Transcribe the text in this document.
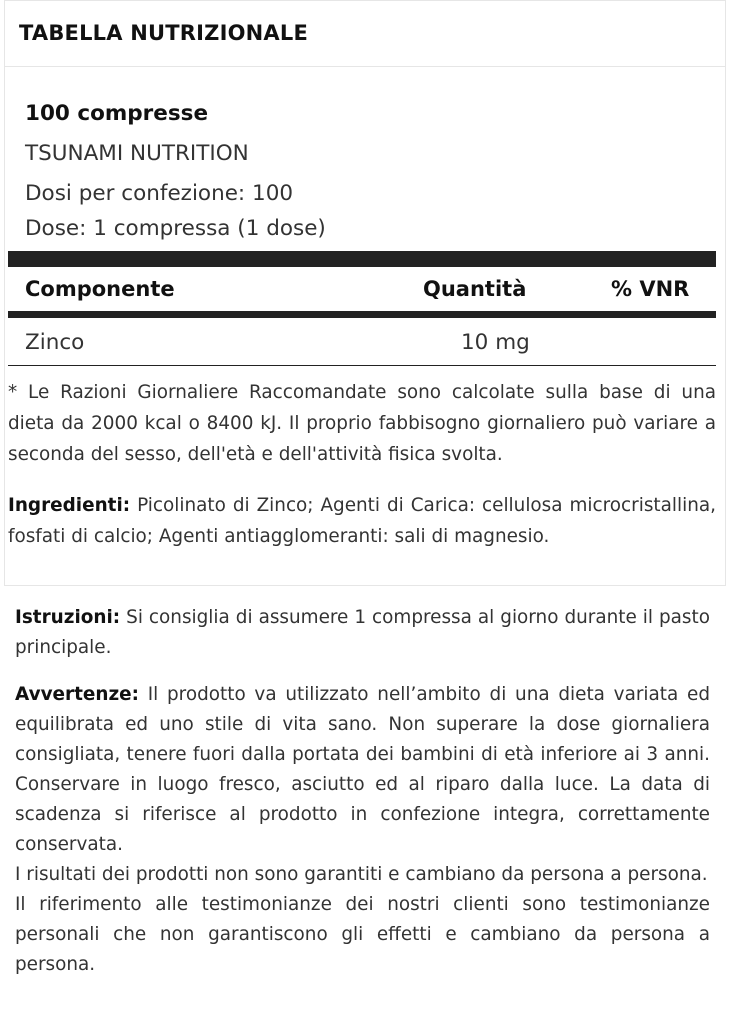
TABELLA NUTRIZIONALE
100 compresse
TSUNAMI NUTRITION
Dosi per confezione: 100
Dose: 1 compressa (1 dose)
Componente	Quantità	% VNR
Zinco	10 mg
* Le Razioni Giornaliere Raccomandate sono calcolate sulla base di una dieta da 2000 kcal o 8400 kJ. Il proprio fabbisogno giornaliero può variare a seconda del sesso, dell'età e dell'attività fisica svolta.
Ingredienti: Picolinato di Zinco; Agenti di Carica: cellulosa microcristallina, fosfati di calcio; Agenti antiagglomeranti: sali di magnesio.
Istruzioni: Si consiglia di assumere 1 compressa al giorno durante il pasto principale.

Avvertenze: Il prodotto va utilizzato nell’ambito di una dieta variata ed equilibrata ed uno stile di vita sano. Non superare la dose giornaliera consigliata, tenere fuori dalla portata dei bambini di età inferiore ai 3 anni. Conservare in luogo fresco, asciutto ed al riparo dalla luce. La data di scadenza si riferisce al prodotto in confezione integra, correttamente conservata.

I risultati dei prodotti non sono garantiti e cambiano da persona a persona.

Il riferimento alle testimonianze dei nostri clienti sono testimonianze personali che non garantiscono gli effetti e cambiano da persona a persona.
